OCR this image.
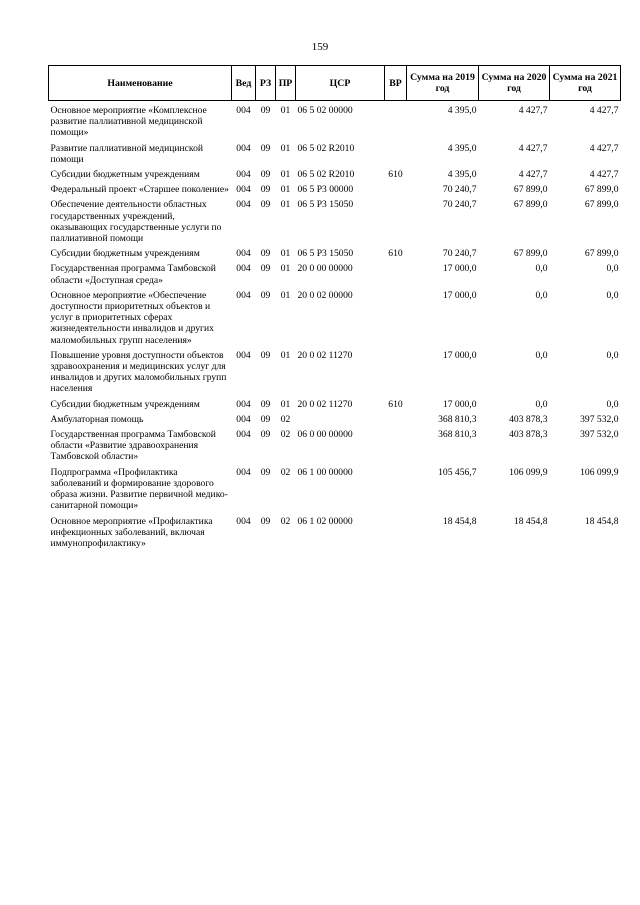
159
Наименование	Вед	РЗ	ПР	ЦСР	ВР	Сумма на 2019 год	Сумма на 2020 год	Сумма на 2021 год
Основное мероприятие «Комплексное развитие паллиативной медицинской помощи»	004	09	01	06 5 02 00000		4 395,0	4 427,7	4 427,7
Развитие паллиативной медицинской помощи	004	09	01	06 5 02 R2010		4 395,0	4 427,7	4 427,7
Субсидии бюджетным учреждениям	004	09	01	06 5 02 R2010	610	4 395,0	4 427,7	4 427,7
Федеральный проект «Старшее поколение»	004	09	01	06 5 P3 00000		70 240,7	67 899,0	67 899,0
Обеспечение деятельности областных государственных учреждений, оказывающих государственные услуги по паллиативной помощи	004	09	01	06 5 P3 15050		70 240,7	67 899,0	67 899,0
Субсидии бюджетным учреждениям	004	09	01	06 5 P3 15050	610	70 240,7	67 899,0	67 899,0
Государственная программа Тамбовской области «Доступная среда»	004	09	01	20 0 00 00000		17 000,0	0,0	0,0
Основное мероприятие «Обеспечение доступности приоритетных объектов и услуг в приоритетных сферах жизнедеятельности инвалидов и других маломобильных групп населения»	004	09	01	20 0 02 00000		17 000,0	0,0	0,0
Повышение уровня доступности объектов здравоохранения и медицинских услуг для инвалидов и других маломобильных групп населения	004	09	01	20 0 02 11270		17 000,0	0,0	0,0
Субсидии бюджетным учреждениям	004	09	01	20 0 02 11270	610	17 000,0	0,0	0,0
Амбулаторная помощь	004	09	02			368 810,3	403 878,3	397 532,0
Государственная программа Тамбовской области «Развитие здравоохранения Тамбовской области»	004	09	02	06 0 00 00000		368 810,3	403 878,3	397 532,0
Подпрограмма «Профилактика заболеваний и формирование здорового образа жизни. Развитие первичной медико-санитарной помощи»	004	09	02	06 1 00 00000		105 456,7	106 099,9	106 099,9
Основное мероприятие «Профилактика инфекционных заболеваний, включая иммунопрофилактику»	004	09	02	06 1 02 00000		18 454,8	18 454,8	18 454,8
